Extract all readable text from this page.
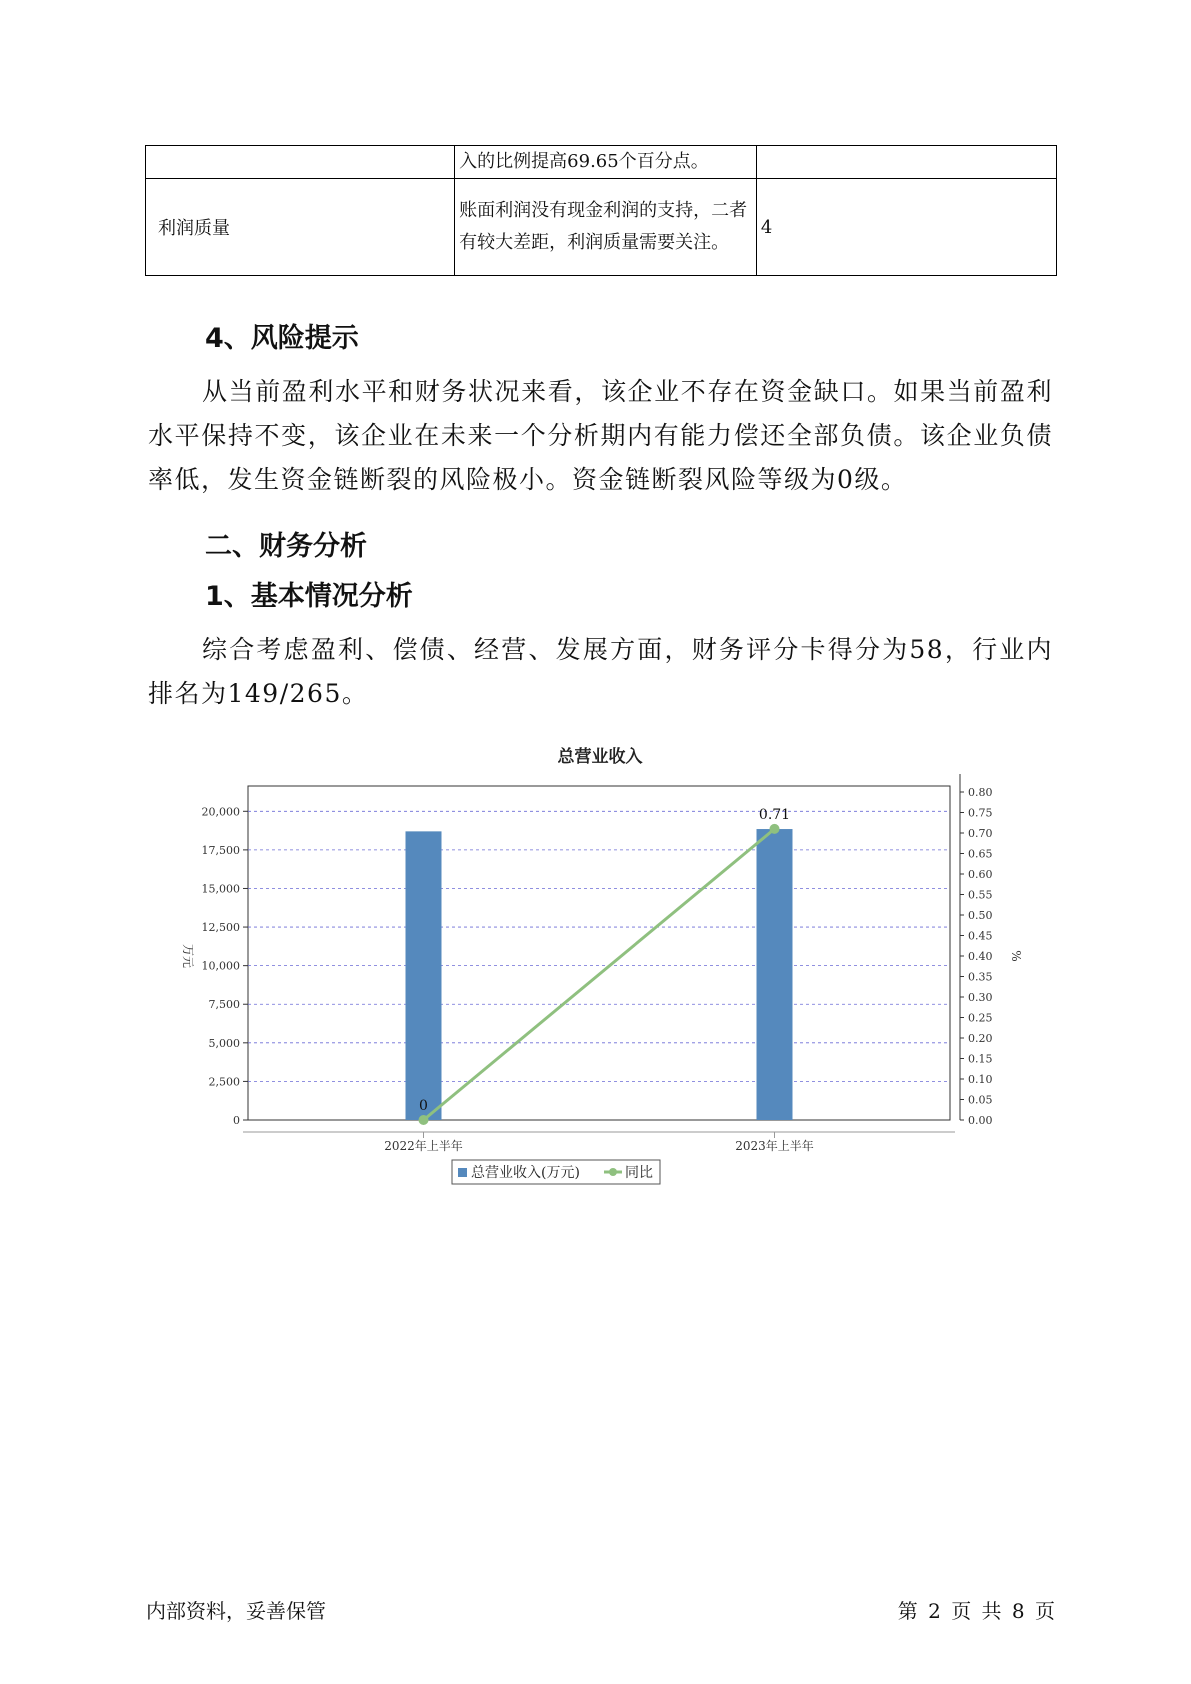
	入的比例提高69.65个百分点。	
利润质量	账面利润没有现金利润的支持，二者有较大差距，利润质量需要关注。	4
4、风险提示

从当前盈利水平和财务状况来看，该企业不存在资金缺口。如果当前盈利水平保持不变，该企业在未来一个分析期内有能力偿还全部负债。该企业负债率低，发生资金链断裂的风险极小。资金链断裂风险等级为0级。

二、财务分析
1、基本情况分析

综合考虑盈利、偿债、经营、发展方面，财务评分卡得分为58，行业内排名为149/265。

总营业收入
0
2,500
5,000
7,500
10,000
12,500
15,000
17,500
20,000
0.00
0.05
0.10
0.15
0.20
0.25
0.30
0.35
0.40
0.45
0.50
0.55
0.60
0.65
0.70
0.75
0.80
万元	%
2022年上半年	2023年上半年
0
0.71
总营业收入(万元)	同比
内部资料，妥善保管	第 2 页 共 8 页
